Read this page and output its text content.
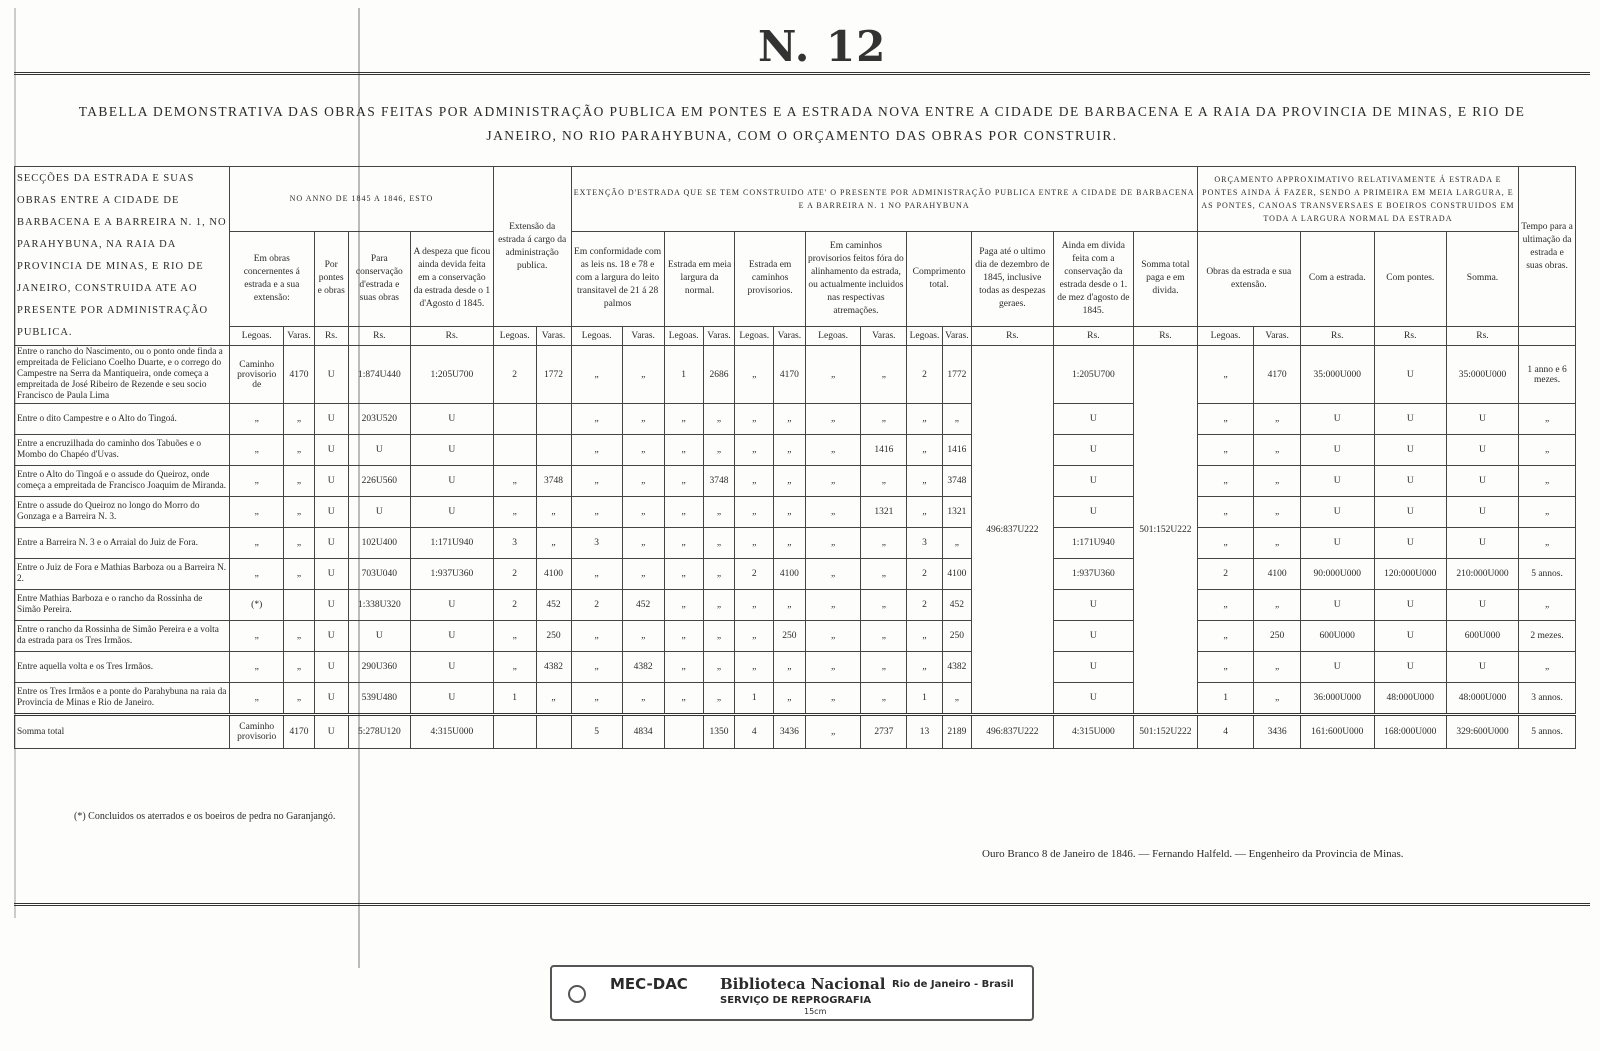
N. 12
TABELLA DEMONSTRATIVA DAS OBRAS FEITAS POR ADMINISTRAÇÃO PUBLICA EM PONTES E A ESTRADA NOVA ENTRE A CIDADE DE BARBACENA E A RAIA DA PROVINCIA DE MINAS, E RIO DE JANEIRO, NO RIO PARAHYBUNA, COM O ORÇAMENTO DAS OBRAS POR CONSTRUIR.
SECÇÕES DA ESTRADA E SUAS OBRAS ENTRE A CIDADE DE BARBACENA E A BARREIRA N. 1, NO PARAHYBUNA, NA RAIA DA PROVINCIA DE MINAS, E RIO DE JANEIRO, CONSTRUIDA ATE AO PRESENTE POR ADMINISTRAÇÃO PUBLICA.	NO ANNO DE 1845 A 1846, ESTO					Extensão da estrada á cargo da administração publica.		EXTENÇÃO D'ESTRADA QUE SE TEM CONSTRUIDO ATE' O PRESENTE POR ADMINISTRAÇÃO PUBLICA ENTRE A CIDADE DE BARBACENA E A BARREIRA N. 1 NO PARAHYBUNA													ORÇAMENTO APPROXIMATIVO RELATIVAMENTE Á ESTRADA E PONTES AINDA Á FAZER, SENDO A PRIMEIRA EM MEIA LARGURA, E AS PONTES, CANOAS TRANSVERSAES E BOEIROS CONSTRUIDOS EM TODA A LARGURA NORMAL DA ESTRADA					Tempo para a ultimação da estrada e suas obras.
	Em obras concernentes á estrada e a sua extensão:		Por pontes e obras	Para conservação d'estrada e suas obras	A despeza que ficou ainda devida feita em a conservação da estrada desde o 1 d'Agosto d 1845.			Em conformidade com as leis ns. 18 e 78 e com a largura do leito transitavel de 21 á 28 palmos		Estrada em meia largura da normal.		Estrada em caminhos provisorios.		Em caminhos provisorios feitos fóra do alinhamento da estrada, ou actualmente incluidos nas respectivas atremações.		Comprimento total.		Paga até o ultimo dia de dezembro de 1845, inclusive todas as despezas geraes.	Ainda em divida feita com a conservação da estrada desde o 1. de mez d'agosto de 1845.	Somma total paga e em divida.	Obras da estrada e sua extensão.		Com a estrada.	Com pontes.	Somma.	
	Legoas.	Varas.	Rs.	Rs.	Rs.	Legoas.	Varas.	Legoas.	Varas.	Legoas.	Varas.	Legoas.	Varas.	Legoas.	Varas.	Legoas.	Varas.	Rs.	Rs.	Rs.	Legoas.	Varas.	Rs.	Rs.	Rs.	
Entre o rancho do Nascimento, ou o ponto onde finda a empreitada de Feliciano Coelho Duarte, e o corrego do Campestre na Serra da Mantiqueira, onde começa a empreitada de José Ribeiro de Rezende e seu socio Francisco de Paula Lima	Caminho provisorio de	4170	U	1:874U440	1:205U700	2	1772	„	„	1	2686	„	4170	„	„	2	1772	496:837U222	1:205U700	501:152U222	„	4170	35:000U000	U	35:000U000	1 anno e 6 mezes.
Entre o dito Campestre e o Alto do Tingoá.	„	„	U	203U520	U			„	„	„	„	„	„	„	„	„	„		U		„	„	U	U	U	„
Entre a encruzilhada do caminho dos Tabuões e o Mombo do Chapéo d'Uvas.	„	„	U	U	U			„	„	„	„	„	„	„	1416	„	1416		U		„	„	U	U	U	„
Entre o Alto do Tingoá e o assude do Queiroz, onde começa a empreitada de Francisco Joaquim de Miranda.	„	„	U	226U560	U	„	3748	„	„	„	3748	„	„	„	„	„	3748		U		„	„	U	U	U	„
Entre o assude do Queiroz no longo do Morro do Gonzaga e a Barreira N. 3.	„	„	U	U	U	„	„	„	„	„	„	„	„	„	1321	„	1321		U		„	„	U	U	U	„
Entre a Barreira N. 3 e o Arraial do Juiz de Fora.	„	„	U	102U400	1:171U940	3	„	3	„	„	„	„	„	„	„	3	„		1:171U940		„	„	U	U	U	„
Entre o Juiz de Fora e Mathias Barboza ou a Barreira N. 2.	„	„	U	703U040	1:937U360	2	4100	„	„	„	„	2	4100	„	„	2	4100		1:937U360		2	4100	90:000U000	120:000U000	210:000U000	5 annos.
Entre Mathias Barboza e o rancho da Rossinha de Simão Pereira.	(*)		U	1:338U320	U	2	452	2	452	„	„	„	„	„	„	2	452		U		„	„	U	U	U	„
Entre o rancho da Rossinha de Simão Pereira e a volta da estrada para os Tres Irmãos.	„	„	U	U	U	„	250	„	„	„	„	„	250	„	„	„	250		U		„	250	600U000	U	600U000	2 mezes.
Entre aquella volta e os Tres Irmãos.	„	„	U	290U360	U	„	4382	„	4382	„	„	„	„	„	„	„	4382		U		„	„	U	U	U	„
Entre os Tres Irmãos e a ponte do Parahybuna na raia da Provincia de Minas e Rio de Janeiro.	„	„	U	539U480	U	1	„	„	„	„	„	1	„	„	„	1	„		U		1	„	36:000U000	48:000U000	48:000U000	3 annos.
Somma total	Caminho provisorio	4170	U	5:278U120	4:315U000			5	4834		1350	4	3436	„	2737	13	2189	496:837U222	4:315U000	501:152U222	4	3436	161:600U000	168:000U000	329:600U000	5 annos.
(*) Concluidos os aterrados e os boeiros de pedra no Garanjangó.
Ouro Branco 8 de Janeiro de 1846. — Fernando Halfeld. — Engenheiro da Provincia de Minas.
MEC-DAC Biblioteca Nacional Rio de Janeiro - Brasil
SERVIÇO DE REPROGRAFIA
15cm
